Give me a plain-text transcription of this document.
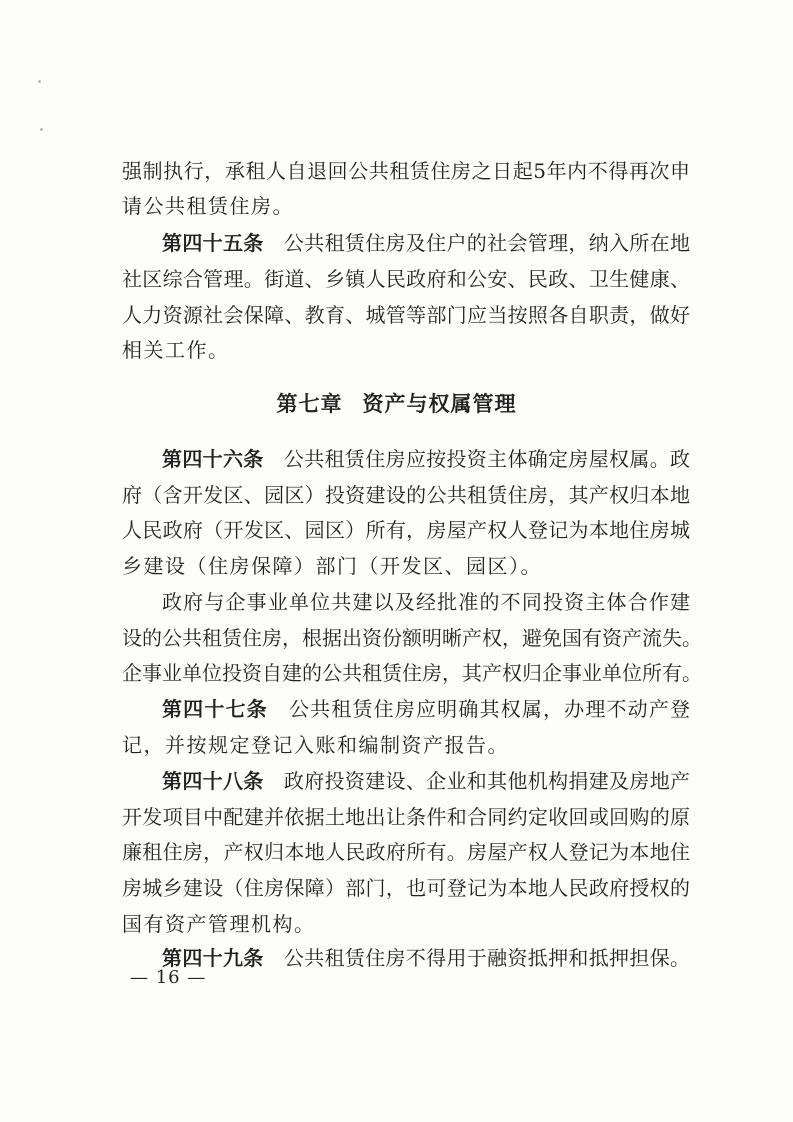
强制执行，承租人自退回公共租赁住房之日起5年内不得再次申
请公共租赁住房。
第四十五条　公共租赁住房及住户的社会管理，纳入所在地
社区综合管理。街道、乡镇人民政府和公安、民政、卫生健康、
人力资源社会保障、教育、城管等部门应当按照各自职责，做好
相关工作。
第七章 资产与权属管理
第四十六条　公共租赁住房应按投资主体确定房屋权属。政
府（含开发区、园区）投资建设的公共租赁住房，其产权归本地
人民政府（开发区、园区）所有，房屋产权人登记为本地住房城
乡建设（住房保障）部门（开发区、园区）。
政府与企事业单位共建以及经批准的不同投资主体合作建
设的公共租赁住房，根据出资份额明晰产权，避免国有资产流失。
企事业单位投资自建的公共租赁住房，其产权归企事业单位所有。
第四十七条　公共租赁住房应明确其权属，办理不动产登
记，并按规定登记入账和编制资产报告。
第四十八条　政府投资建设、企业和其他机构捐建及房地产
开发项目中配建并依据土地出让条件和合同约定收回或回购的原
廉租住房，产权归本地人民政府所有。房屋产权人登记为本地住
房城乡建设（住房保障）部门，也可登记为本地人民政府授权的
国有资产管理机构。
第四十九条　公共租赁住房不得用于融资抵押和抵押担保。
— 16 —
